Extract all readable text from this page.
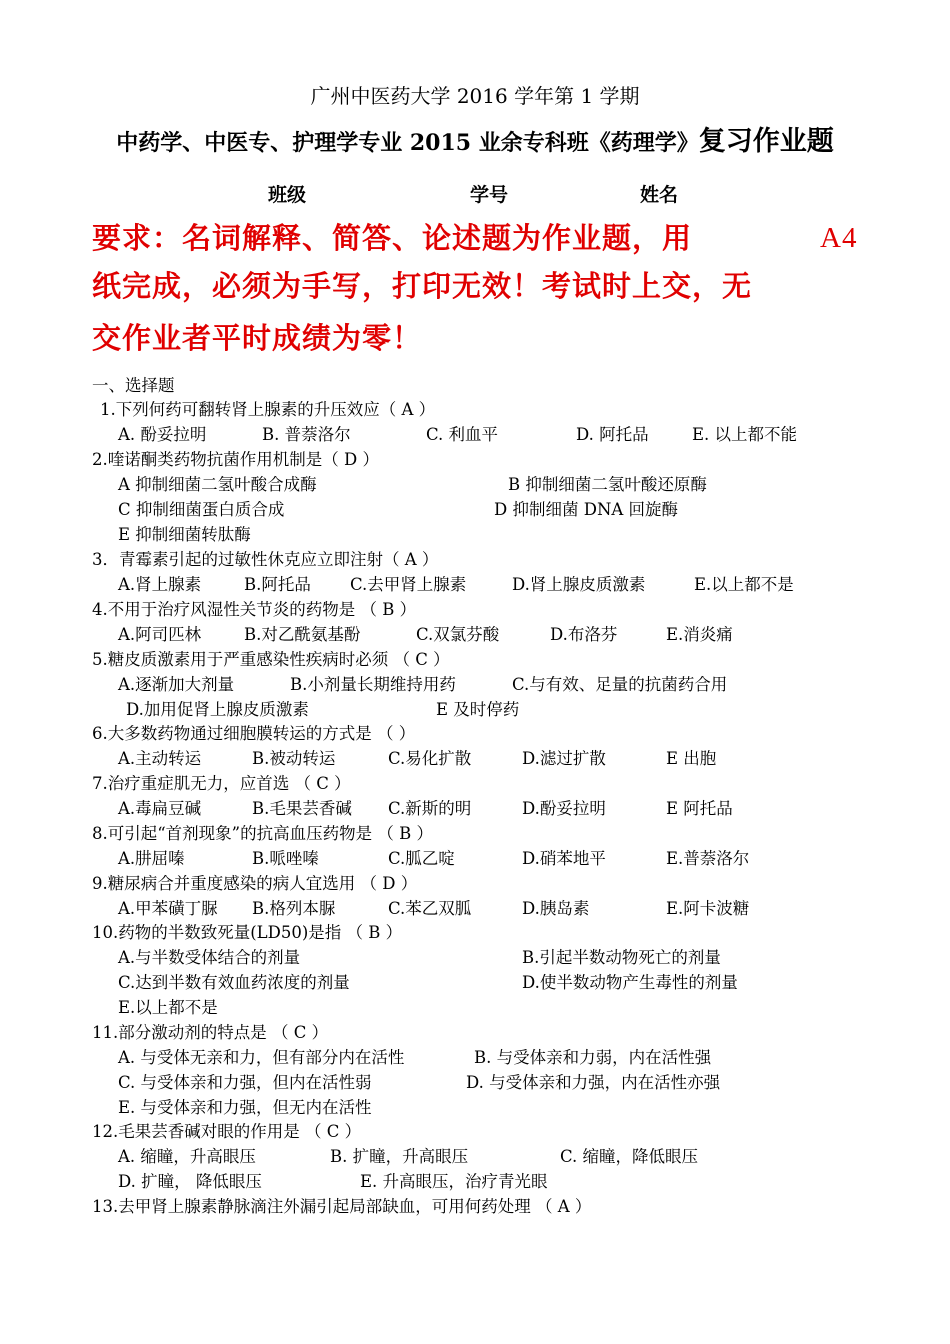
广州中医药大学 2016 学年第 1 学期
中药学、中医专、护理学专业 2015 业余专科班《药理学》复习作业题
班级	学号	姓名
要求：名词解释、简答、论述题为作业题，用	A4
纸完成，必须为手写，打印无效！考试时上交，无
交作业者平时成绩为零！
一、选择题
1.下列何药可翻转肾上腺素的升压效应（ A ）
A. 酚妥拉明	B. 普萘洛尔	C. 利血平	D. 阿托品	E. 以上都不能
2.喹诺酮类药物抗菌作用机制是（ D ）
A 抑制细菌二氢叶酸合成酶	B 抑制细菌二氢叶酸还原酶
C 抑制细菌蛋白质合成	D 抑制细菌 DNA 回旋酶
E 抑制细菌转肽酶
3．青霉素引起的过敏性休克应立即注射（ A ）
A.肾上腺素	B.阿托品 C.去甲肾上腺素	D.肾上腺皮质激素	E.以上都不是
4.不用于治疗风湿性关节炎的药物是 （ B ）
A.阿司匹林	B.对乙酰氨基酚	C.双氯芬酸	D.布洛芬	E.消炎痛
5.糖皮质激素用于严重感染性疾病时必须 （ C ）
A.逐渐加大剂量	B.小剂量长期维持用药	C.与有效、足量的抗菌药合用
D.加用促肾上腺皮质激素	E 及时停药
6.大多数药物通过细胞膜转运的方式是 （ ）
A.主动转运	B.被动转运	C.易化扩散	D.滤过扩散	E 出胞
7.治疗重症肌无力，应首选 （ C ）
A.毒扁豆碱	B.毛果芸香碱 C.新斯的明	D.酚妥拉明	E 阿托品
8.可引起“首剂现象”的抗高血压药物是 （ B ）
A.肼屈嗪	B.哌唑嗪	C.胍乙啶	D.硝苯地平	E.普萘洛尔
9.糖尿病合并重度感染的病人宜选用 （ D ）
A.甲苯磺丁脲 B.格列本脲	C.苯乙双胍	D.胰岛素	E.阿卡波糖
10.药物的半数致死量(LD50)是指 （ B ）
A.与半数受体结合的剂量	B.引起半数动物死亡的剂量
C.达到半数有效血药浓度的剂量	D.使半数动物产生毒性的剂量
E.以上都不是
11.部分激动剂的特点是 （ C ）
A. 与受体无亲和力，但有部分内在活性	B. 与受体亲和力弱，内在活性强
C. 与受体亲和力强，但内在活性弱	D. 与受体亲和力强，内在活性亦强
E. 与受体亲和力强，但无内在活性
12.毛果芸香碱对眼的作用是 （ C ）
A. 缩瞳，升高眼压	B. 扩瞳，升高眼压	C. 缩瞳，降低眼压
D. 扩瞳， 降低眼压	E. 升高眼压，治疗青光眼
13.去甲肾上腺素静脉滴注外漏引起局部缺血，可用何药处理 （ A ）
